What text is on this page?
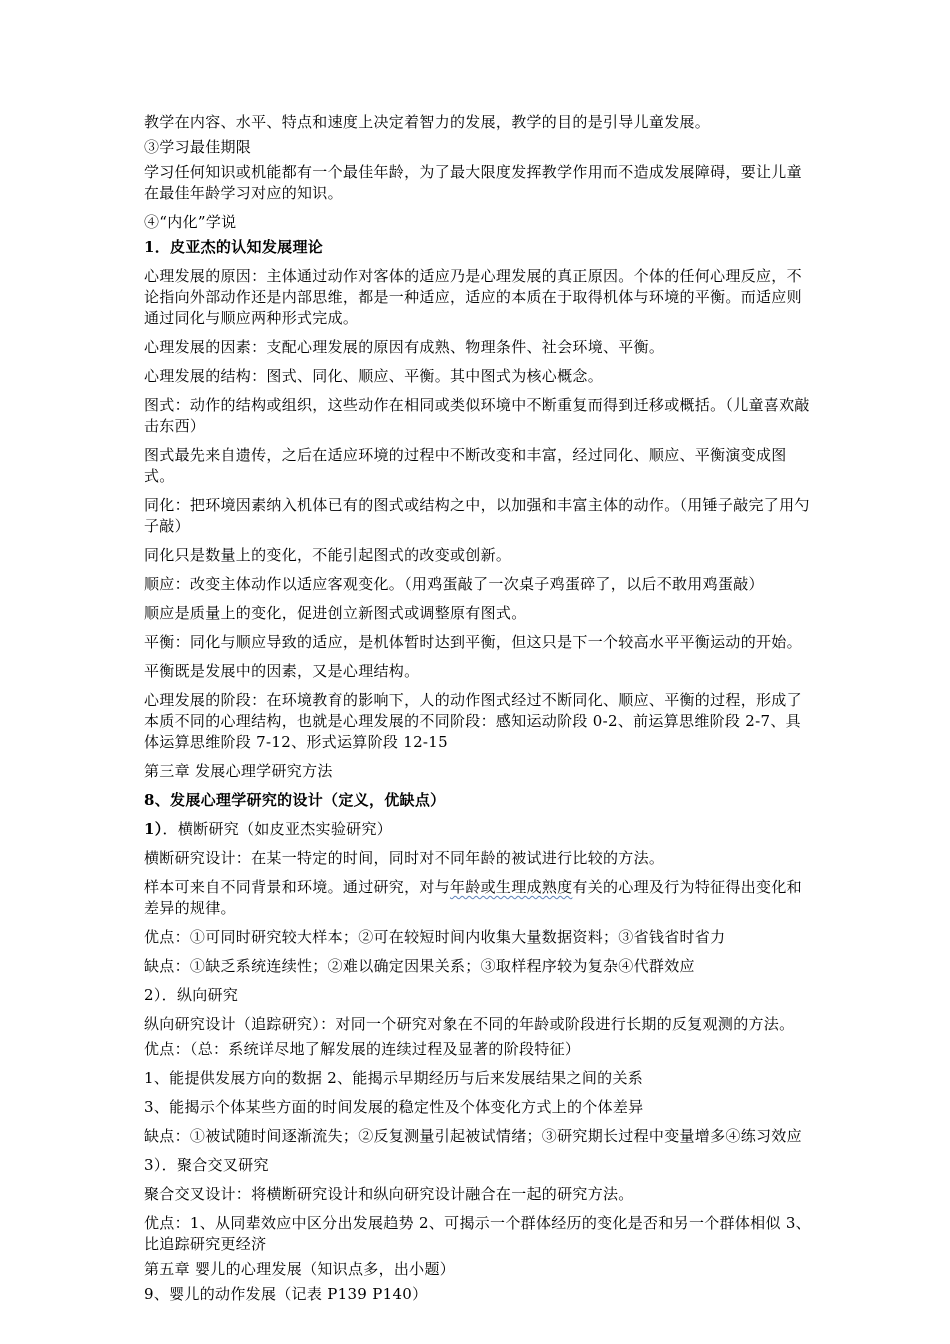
教学在内容、水平、特点和速度上决定着智力的发展，教学的目的是引导儿童发展。

③学习最佳期限

学习任何知识或机能都有一个最佳年龄，为了最大限度发挥教学作用而不造成发展障碍，要让儿童在最佳年龄学习对应的知识。

④“内化”学说

1．皮亚杰的认知发展理论

心理发展的原因：主体通过动作对客体的适应乃是心理发展的真正原因。个体的任何心理反应，不论指向外部动作还是内部思维，都是一种适应，适应的本质在于取得机体与环境的平衡。而适应则通过同化与顺应两种形式完成。

心理发展的因素：支配心理发展的原因有成熟、物理条件、社会环境、平衡。

心理发展的结构：图式、同化、顺应、平衡。其中图式为核心概念。

图式：动作的结构或组织，这些动作在相同或类似环境中不断重复而得到迁移或概括。（儿童喜欢敲击东西）

图式最先来自遗传，之后在适应环境的过程中不断改变和丰富，经过同化、顺应、平衡演变成图式。

同化：把环境因素纳入机体已有的图式或结构之中，以加强和丰富主体的动作。（用锤子敲完了用勺子敲）

同化只是数量上的变化，不能引起图式的改变或创新。

顺应：改变主体动作以适应客观变化。（用鸡蛋敲了一次桌子鸡蛋碎了，以后不敢用鸡蛋敲）

顺应是质量上的变化，促进创立新图式或调整原有图式。

平衡：同化与顺应导致的适应，是机体暂时达到平衡，但这只是下一个较高水平平衡运动的开始。

平衡既是发展中的因素，又是心理结构。

心理发展的阶段：在环境教育的影响下，人的动作图式经过不断同化、顺应、平衡的过程，形成了本质不同的心理结构，也就是心理发展的不同阶段：感知运动阶段 0-2、前运算思维阶段 2-7、具体运算思维阶段 7-12、形式运算阶段 12-15

第三章 发展心理学研究方法

8、发展心理学研究的设计（定义，优缺点）

1）．横断研究（如皮亚杰实验研究）

横断研究设计：在某一特定的时间，同时对不同年龄的被试进行比较的方法。

样本可来自不同背景和环境。通过研究，对与年龄或生理成熟度有关的心理及行为特征得出变化和差异的规律。

优点：①可同时研究较大样本；②可在较短时间内收集大量数据资料；③省钱省时省力

缺点：①缺乏系统连续性；②难以确定因果关系；③取样程序较为复杂④代群效应

2）．纵向研究

纵向研究设计（追踪研究）：对同一个研究对象在不同的年龄或阶段进行长期的反复观测的方法。

优点：（总：系统详尽地了解发展的连续过程及显著的阶段特征）

1、能提供发展方向的数据 2、能揭示早期经历与后来发展结果之间的关系

3、能揭示个体某些方面的时间发展的稳定性及个体变化方式上的个体差异

缺点：①被试随时间逐渐流失；②反复测量引起被试情绪；③研究期长过程中变量增多④练习效应

3）．聚合交叉研究

聚合交叉设计：将横断研究设计和纵向研究设计融合在一起的研究方法。

优点：1、从同辈效应中区分出发展趋势 2、可揭示一个群体经历的变化是否和另一个群体相似 3、比追踪研究更经济

第五章 婴儿的心理发展（知识点多，出小题）

9、婴儿的动作发展（记表 P139 P140）
